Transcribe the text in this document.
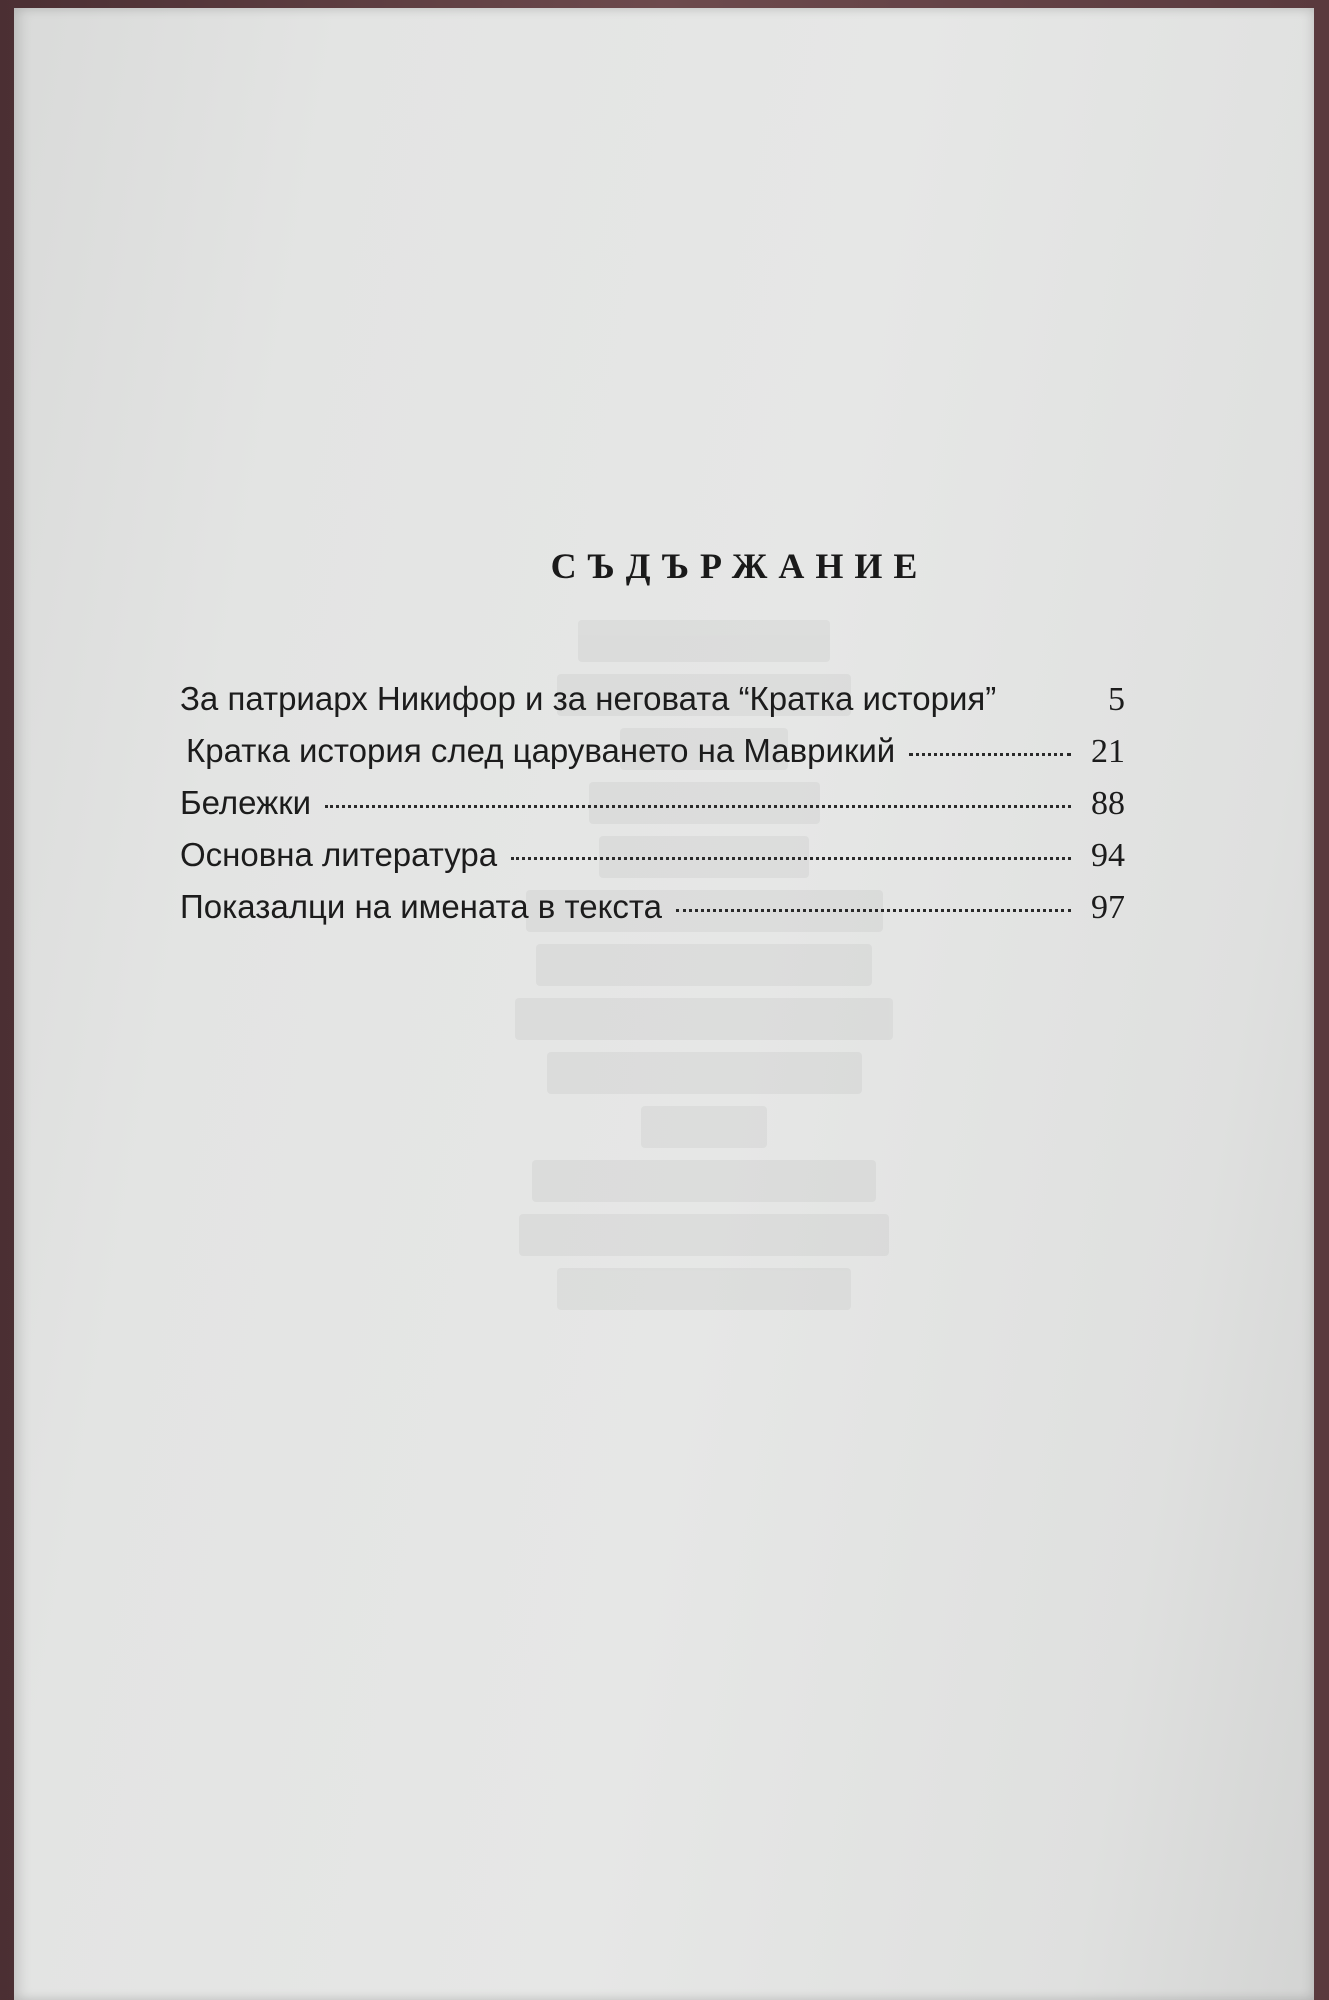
СЪДЪРЖАНИЕ
За патриарх Никифор и за неговата “Кратка история”	5
Кратка история след царуването на Маврикий	21
Бележки	88
Основна литература	94
Показалци на имената в текста	97
